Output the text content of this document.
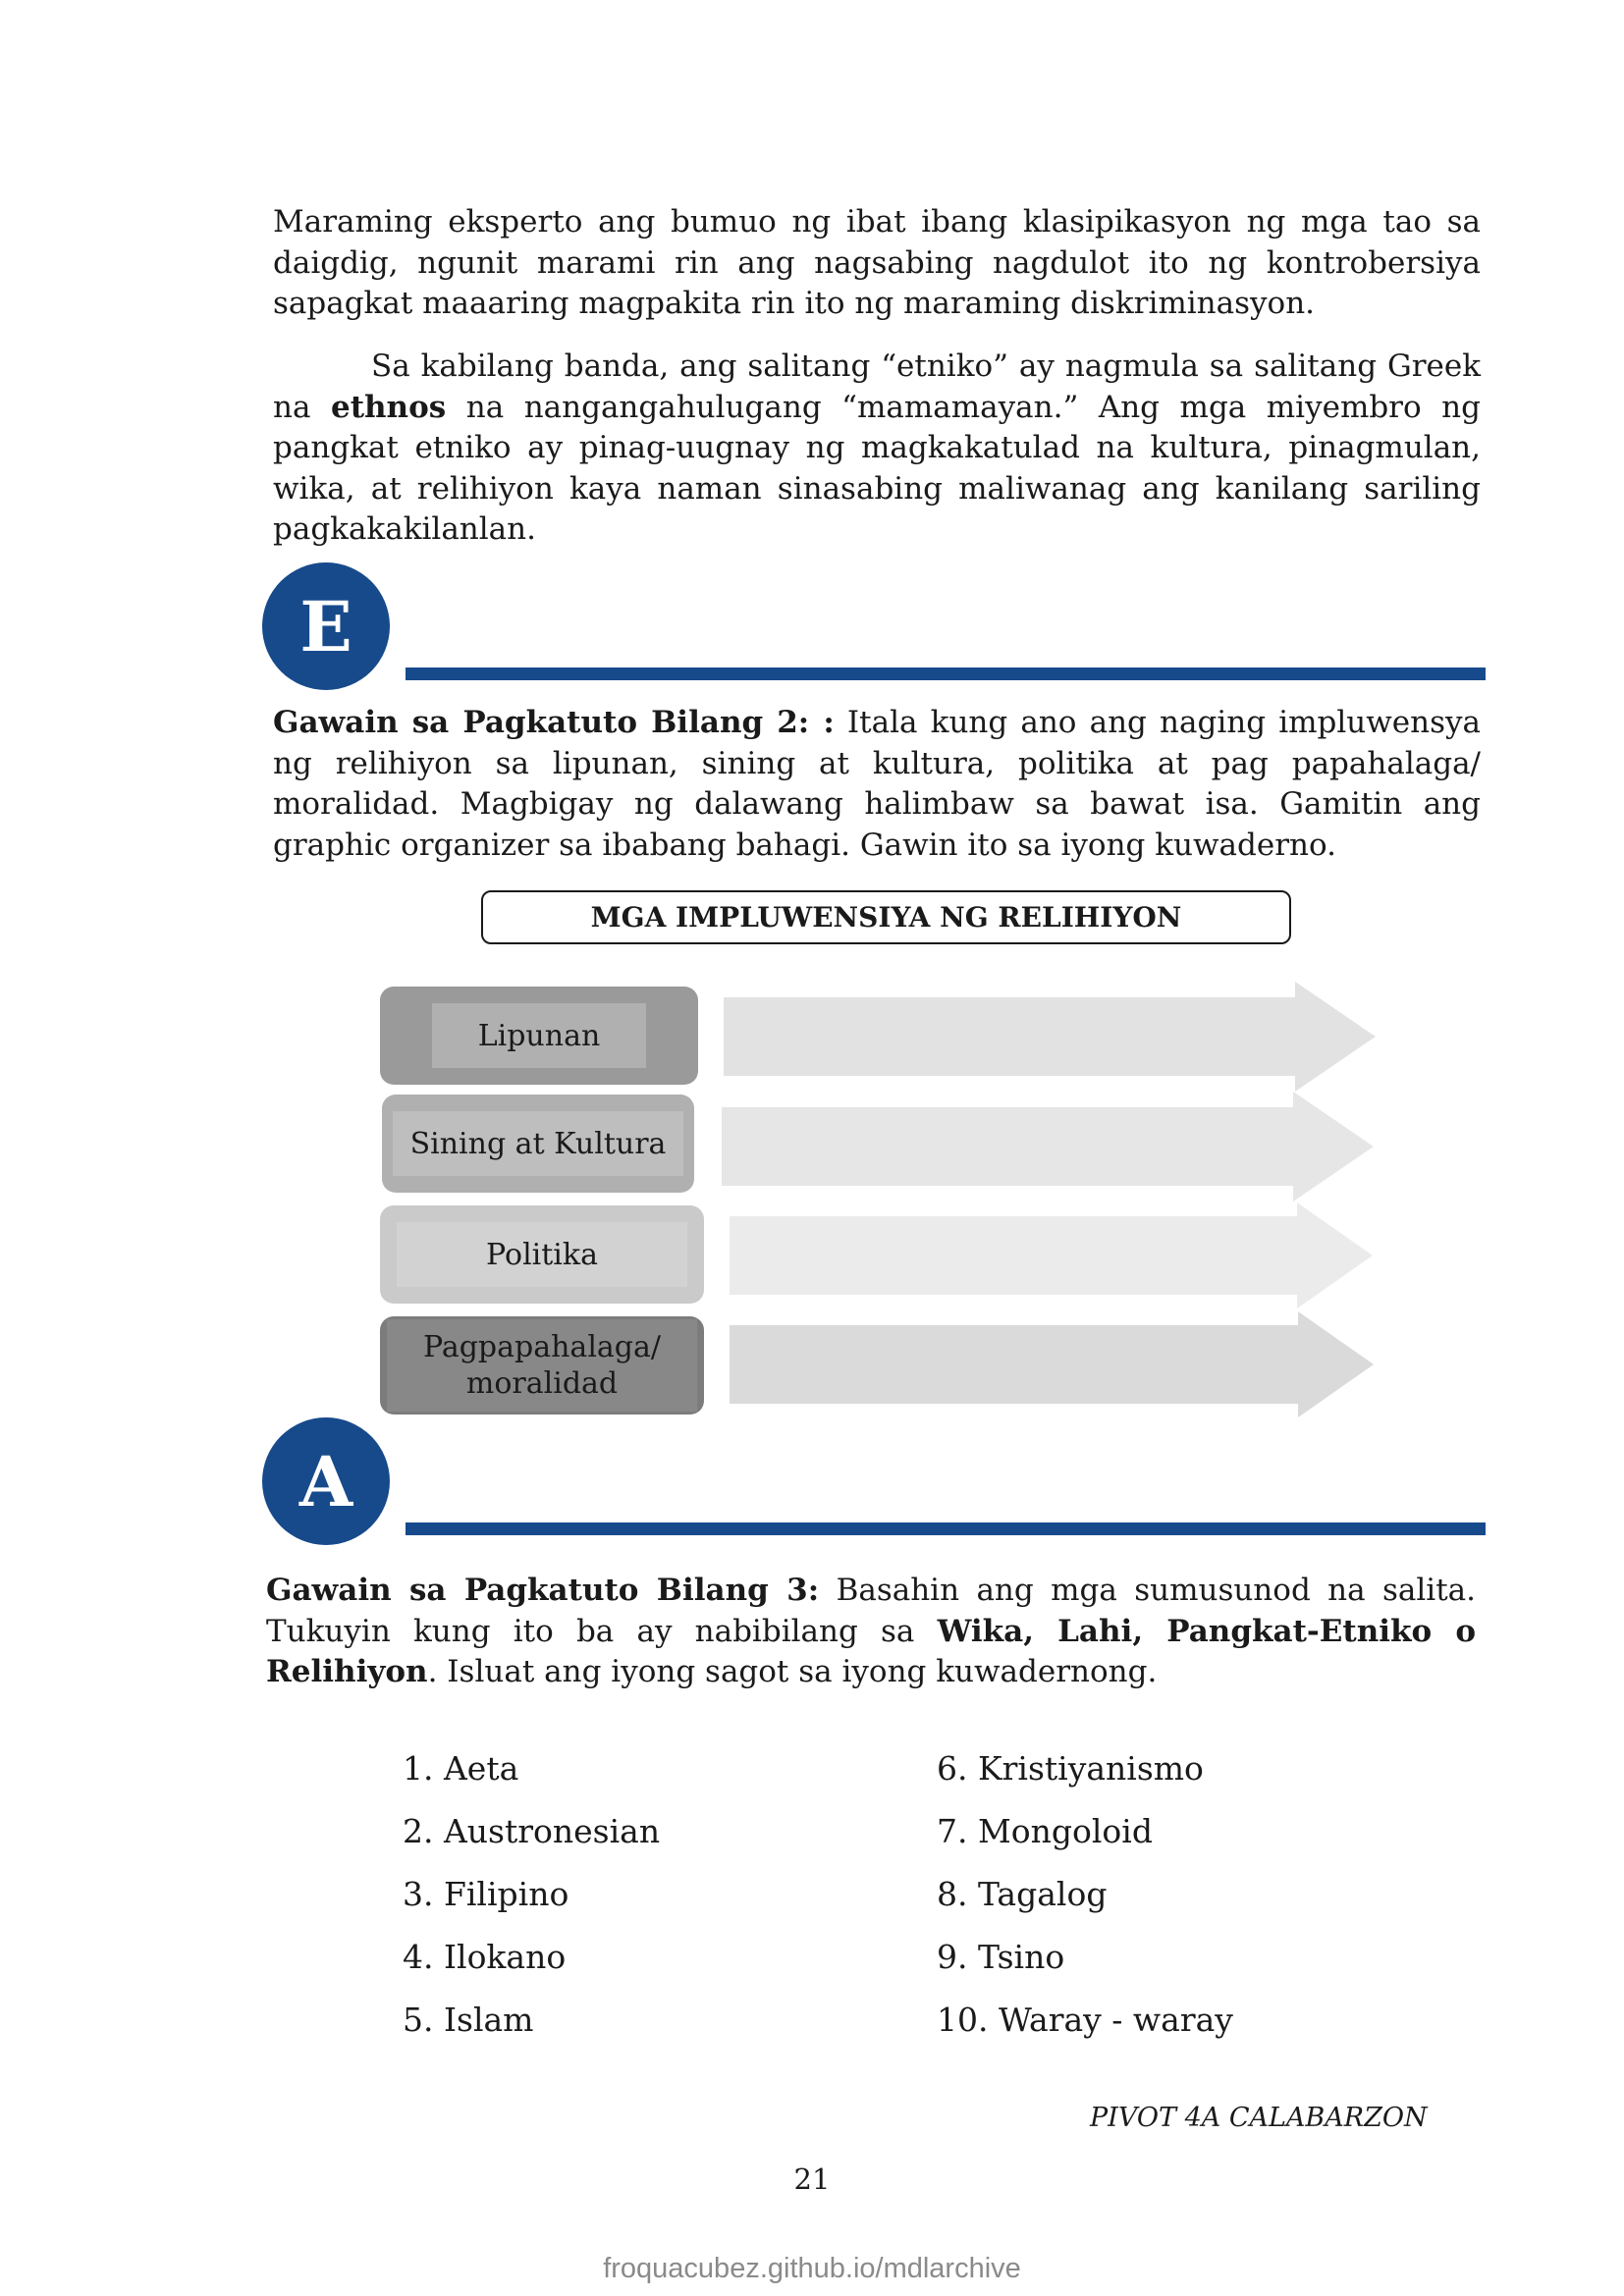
Maraming eksperto ang bumuo ng ibat ibang klasipikasyon ng mga tao sa daigdig, ngunit marami rin ang nagsabing nagdulot ito ng kontrobersiya sapagkat maaaring magpakita rin ito ng maraming diskriminasyon.

Sa kabilang banda, ang salitang “etniko” ay nagmula sa salitang Greek na ethnos na nangangahulugang “mamamayan.” Ang mga miyembro ng pangkat etniko ay pinag-uugnay ng magkakatulad na kultura, pinagmulan, wika, at relihiyon kaya naman sinasabing maliwanag ang kanilang sariling pagkakakilanlan.

E

Gawain sa Pagkatuto Bilang 2: : Itala kung ano ang naging impluwensya ng relihiyon sa lipunan, sining at kultura, politika at pag papahalaga/ moralidad. Magbigay ng dalawang halimbaw sa bawat isa. Gamitin ang graphic organizer sa ibabang bahagi. Gawin ito sa iyong kuwaderno.

MGA IMPLUWENSIYA NG RELIHIYON
Lipunan
Sining at Kultura
Politika
Pagpapahalaga/ moralidad
A

Gawain sa Pagkatuto Bilang 3: Basahin ang mga sumusunod na salita. Tukuyin kung ito ba ay nabibilang sa Wika, Lahi, Pangkat-Etniko o Relihiyon. Isluat ang iyong sagot sa iyong kuwadernong.

1. Aeta
2. Austronesian
3. Filipino
4. Ilokano
5. Islam
6. Kristiyanismo
7. Mongoloid
8. Tagalog
9. Tsino
10. Waray - waray
PIVOT 4A CALABARZON
21
froquacubez.github.io/mdlarchive
